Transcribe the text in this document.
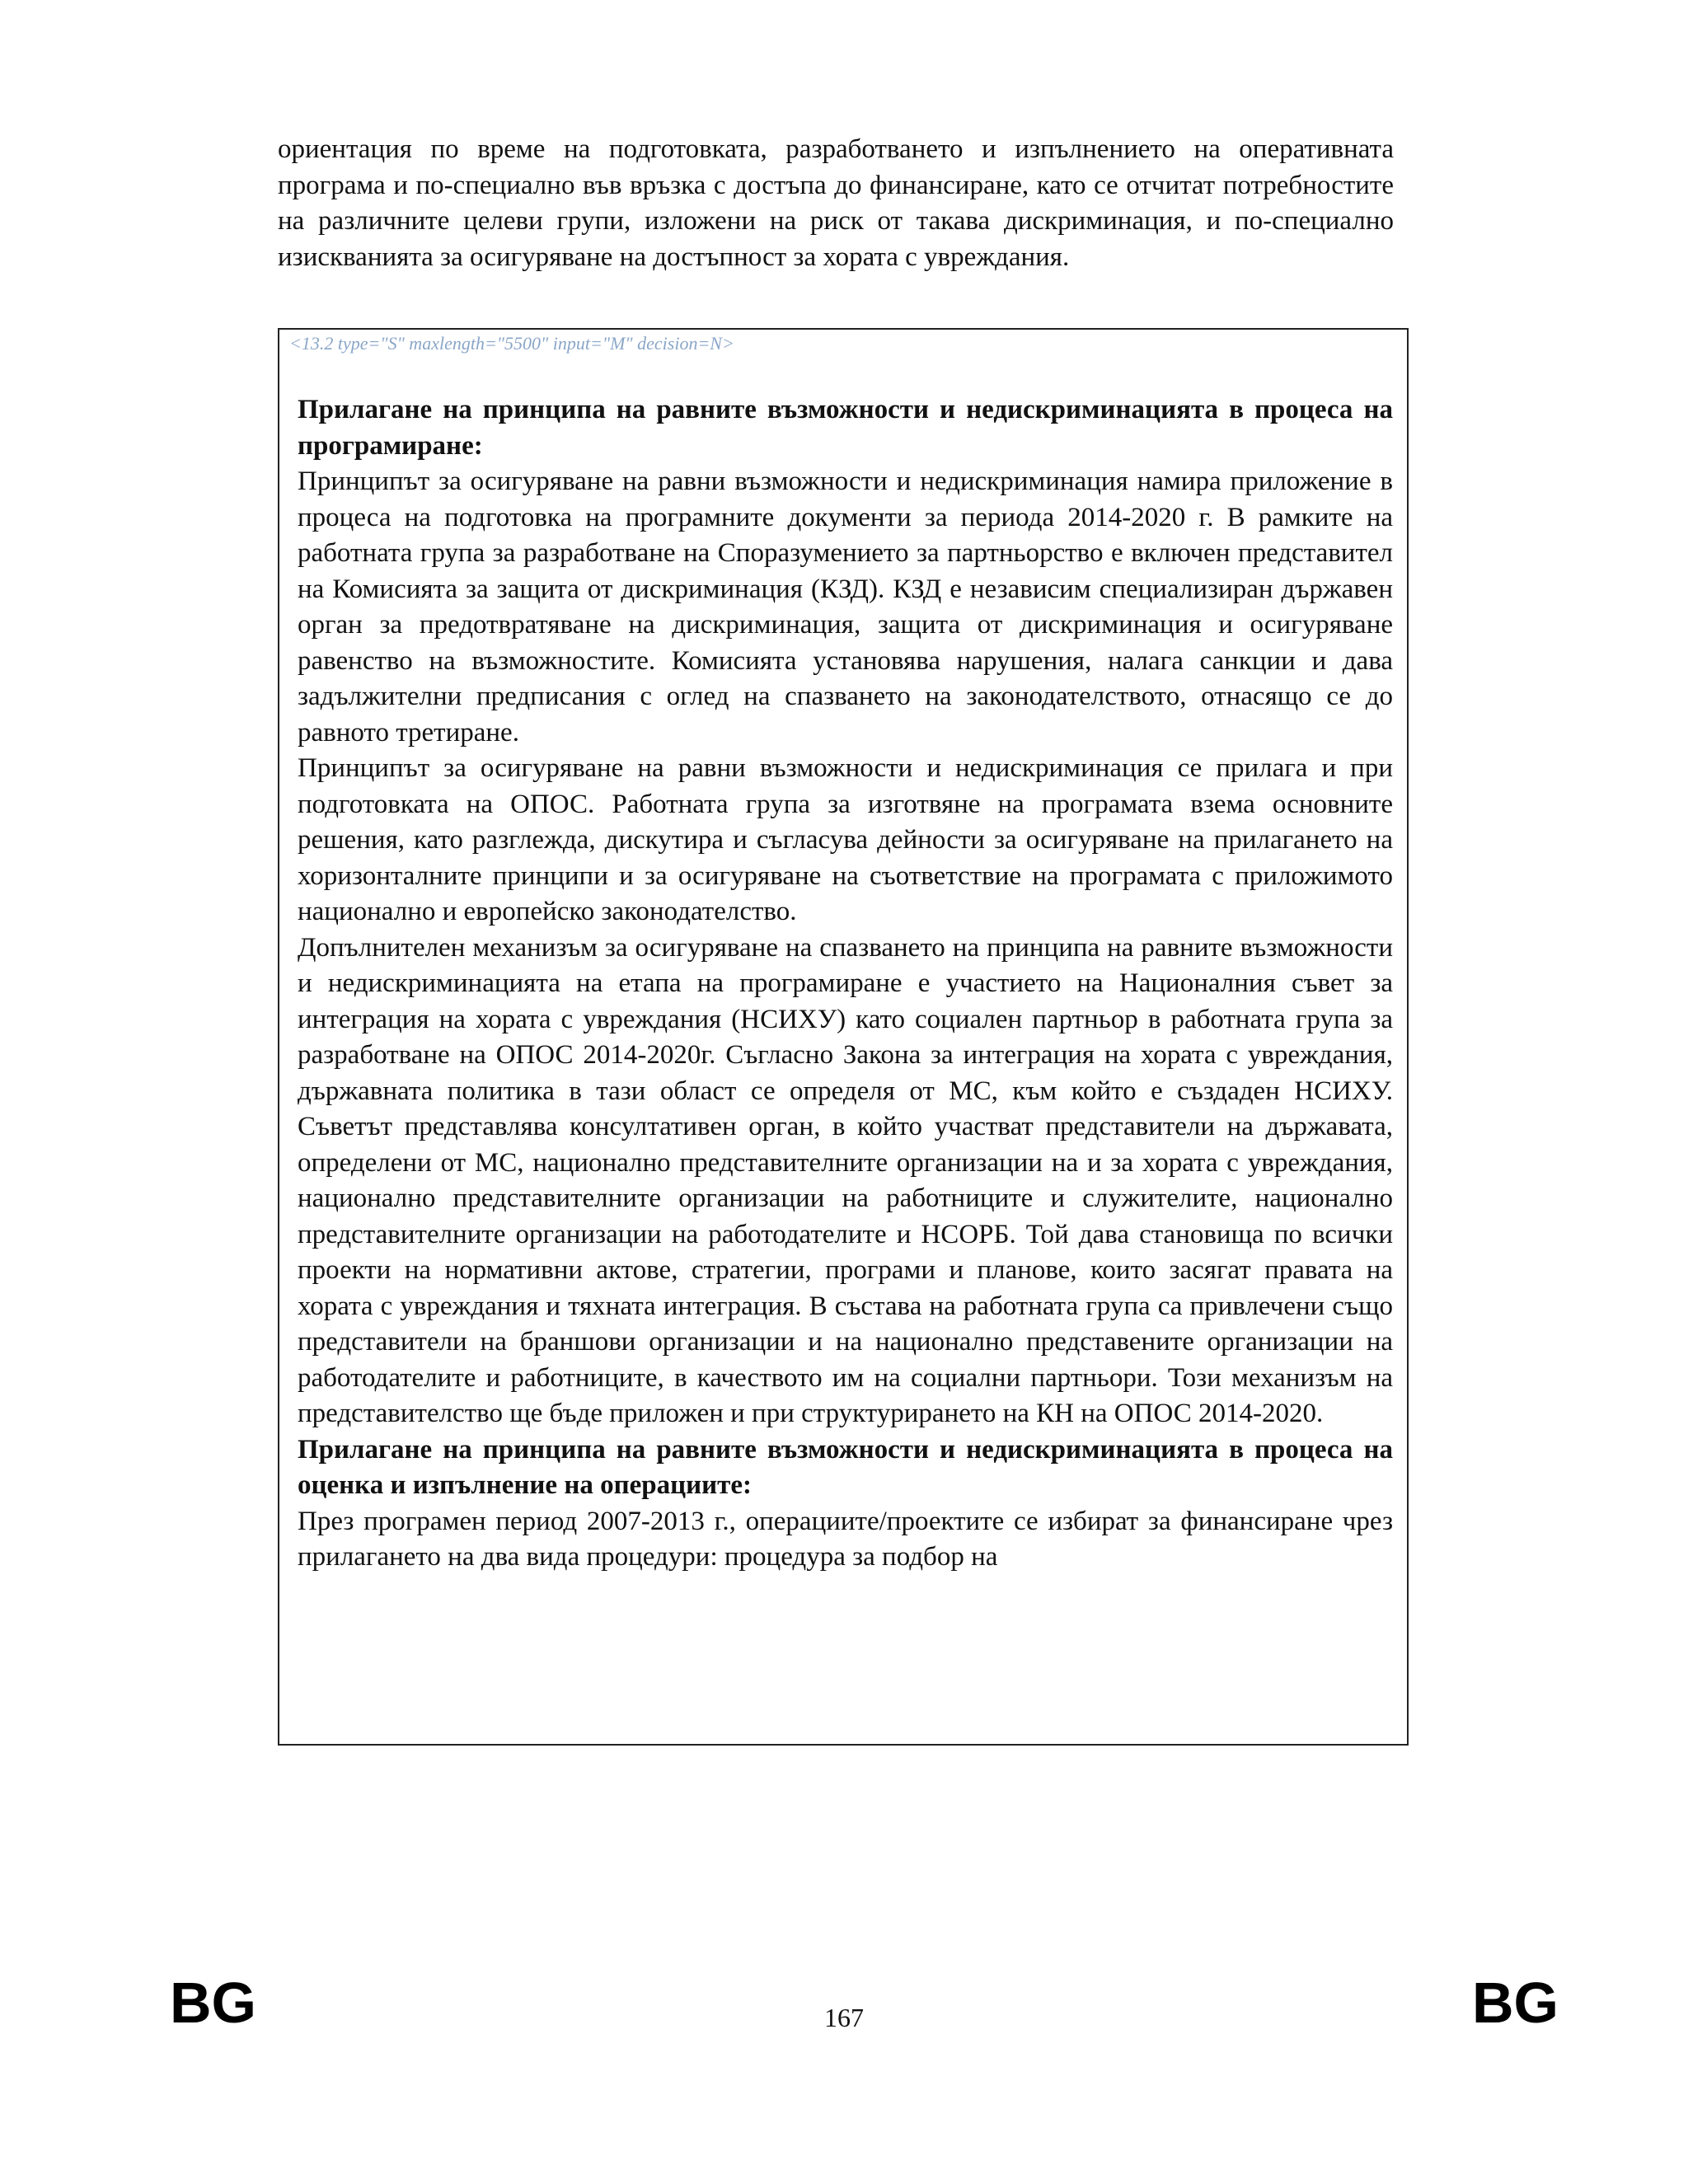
ориентация по време на подготовката, разработването и изпълнението на оперативната програма и по-специално във връзка с достъпа до финансиране, като се отчитат потребностите на различните целеви групи, изложени на риск от такава дискриминация, и по-специално изискванията за осигуряване на достъпност за хората с увреждания.

<13.2 type="S" maxlength="5500" input="M" decision=N>

Прилагане на принципа на равните възможности и недискриминацията в процеса на програмиране:

Принципът за осигуряване на равни възможности и недискриминация намира приложение в процеса на подготовка на програмните документи за периода 2014-2020 г. В рамките на работната група за разработване на Споразумението за партньорство е включен представител на Комисията за защита от дискриминация (КЗД). КЗД е независим специализиран държавен орган за предотвратяване на дискриминация, защита от дискриминация и осигуряване равенство на възможностите. Комисията установява нарушения, налага санкции и дава задължителни предписания с оглед на спазването на законодателството, отнасящо се до равното третиране.

Принципът за осигуряване на равни възможности и недискриминация се прилага и при подготовката на ОПОС. Работната група за изготвяне на програмата взема основните решения, като разглежда, дискутира и съгласува дейности за осигуряване на прилагането на хоризонталните принципи и за осигуряване на съответствие на програмата с приложимото национално и европейско законодателство.

Допълнителен механизъм за осигуряване на спазването на принципа на равните възможности и недискриминацията на етапа на програмиране е участието на Националния съвет за интеграция на хората с увреждания (НСИХУ) като социален партньор в работната група за разработване на ОПОС 2014-2020г. Съгласно Закона за интеграция на хората с увреждания, държавната политика в тази област се определя от МС, към който е създаден НСИХУ. Съветът представлява консултативен орган, в който участват представители на държавата, определени от МС, национално представителните организации на и за хората с увреждания, национално представителните организации на работниците и служителите, национално представителните организации на работодателите и НСОРБ. Той дава становища по всички проекти на нормативни актове, стратегии, програми и планове, които засягат правата на хората с увреждания и тяхната интеграция. В състава на работната група са привлечени също представители на браншови организации и на национално представените организации на работодателите и работниците, в качеството им на социални партньори. Този механизъм на представителство ще бъде приложен и при структурирането на КН на ОПОС 2014-2020.

Прилагане на принципа на равните възможности и недискриминацията в процеса на оценка и изпълнение на операциите:

През програмен период 2007-2013 г., операциите/проектите се избират за финансиране чрез прилагането на два вида процедури: процедура за подбор на

BG	167	BG
